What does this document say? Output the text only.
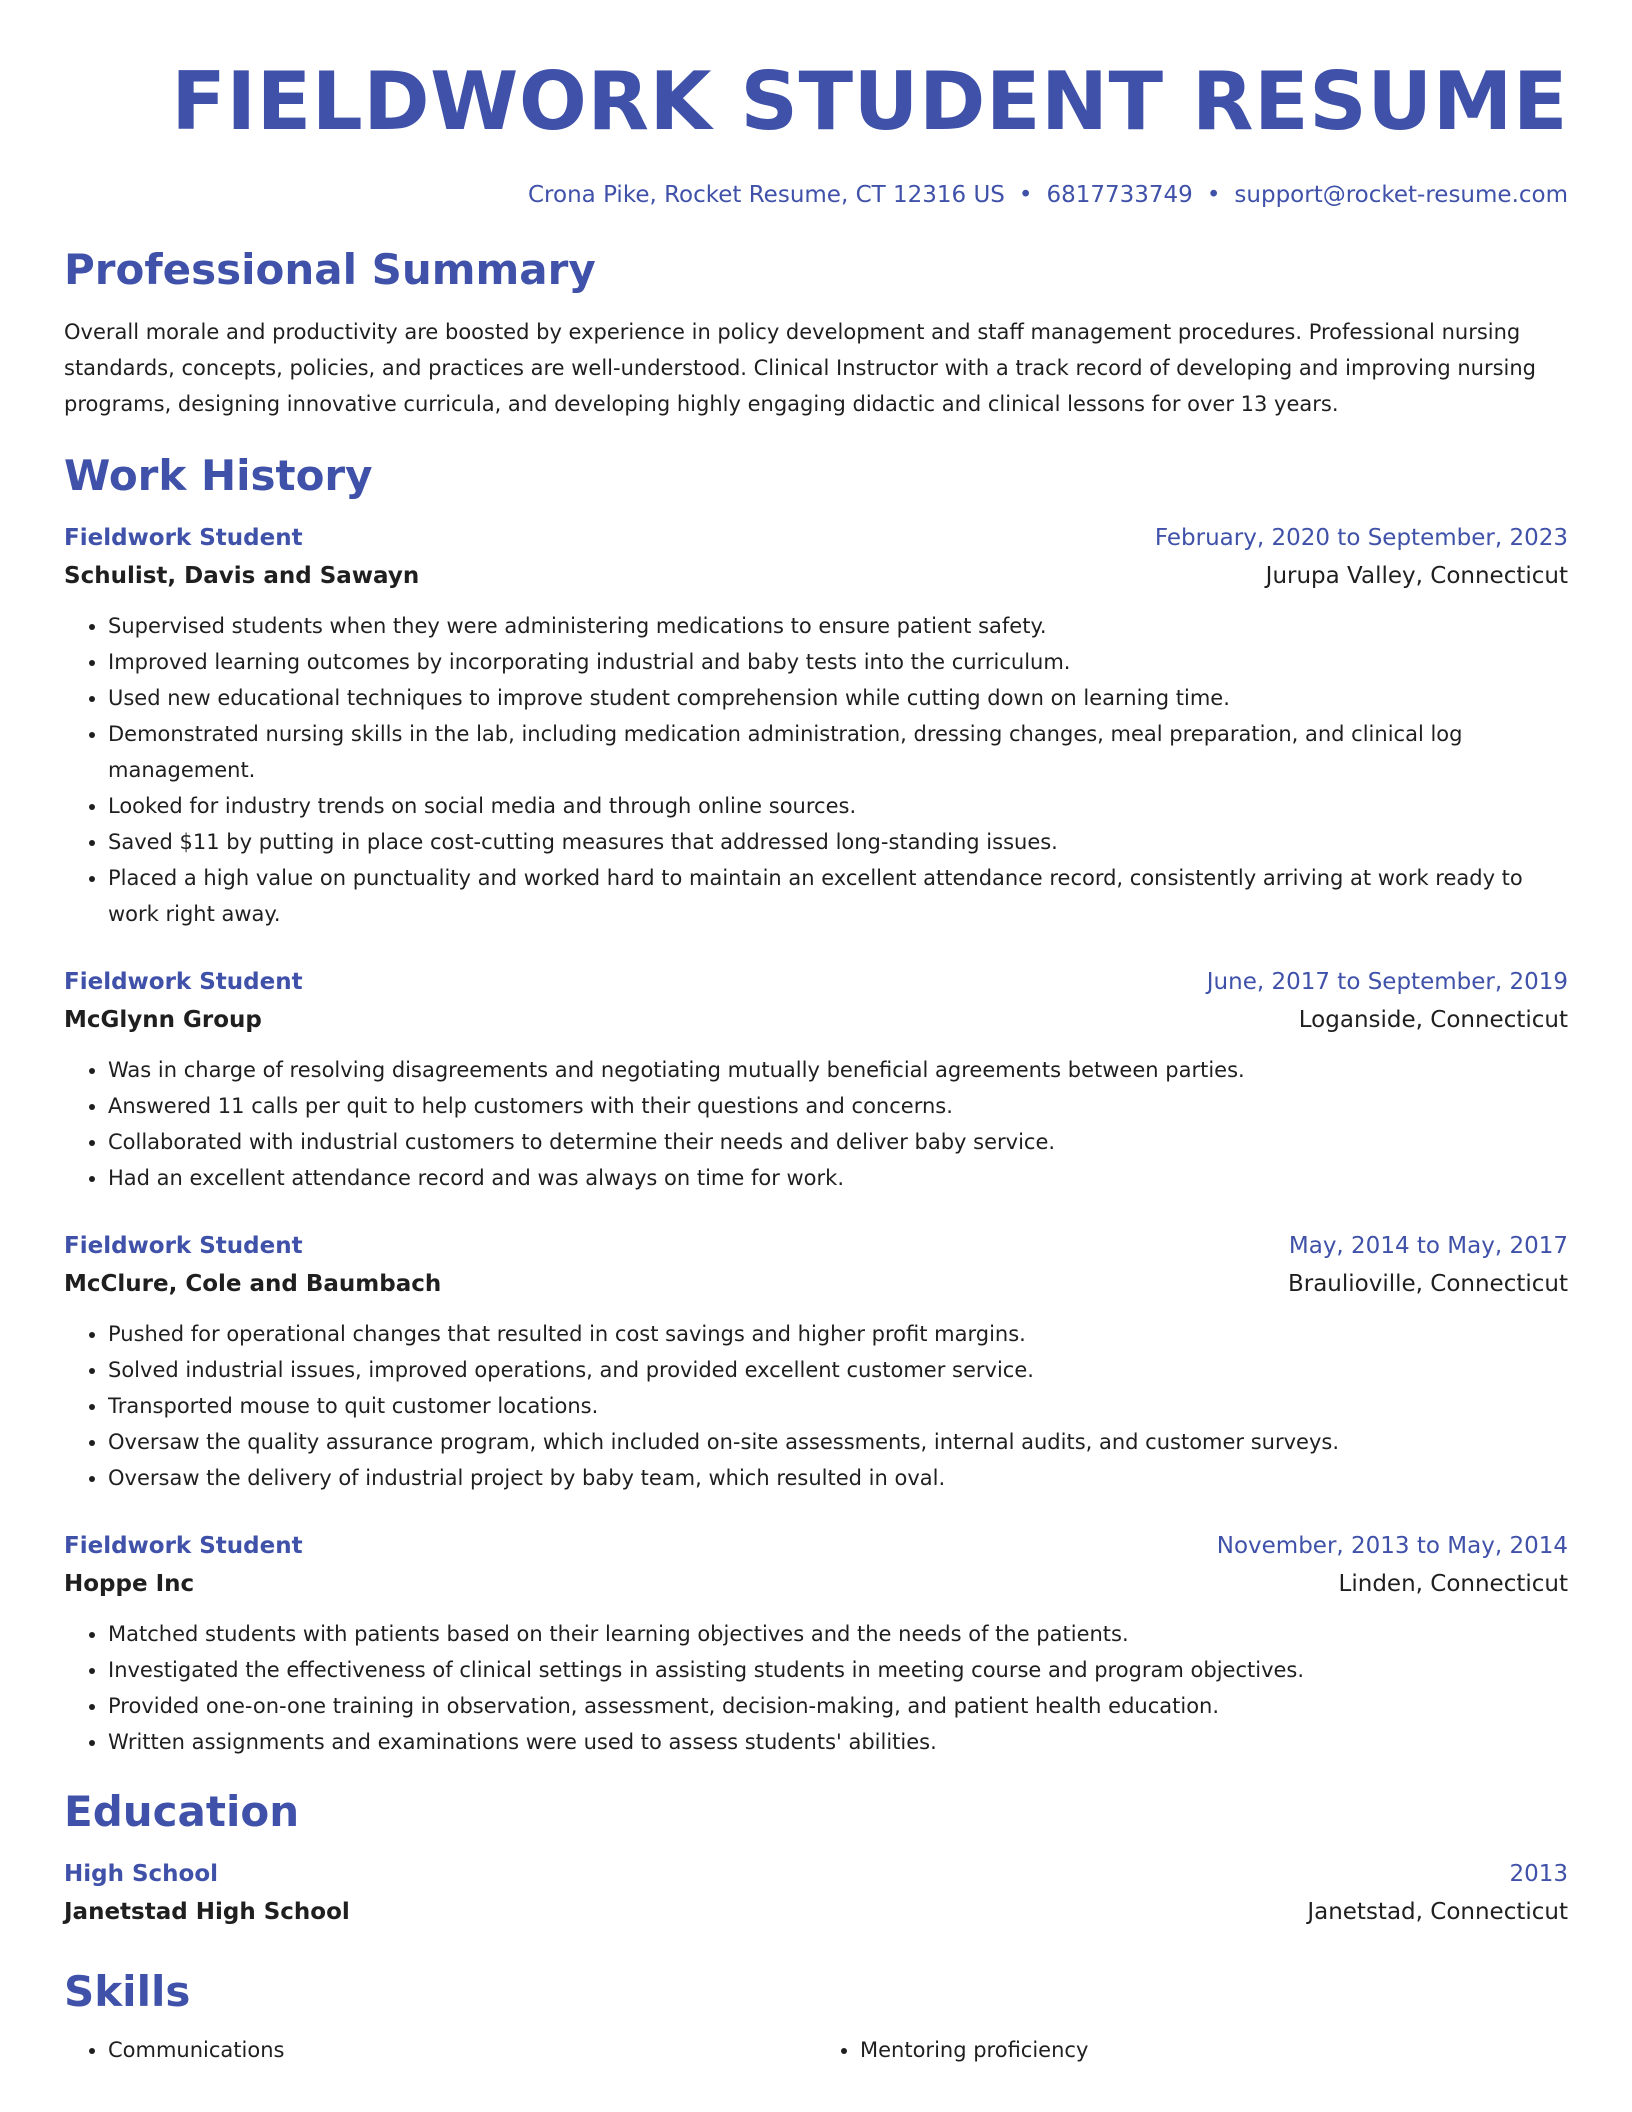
FIELDWORK STUDENT RESUME
Crona Pike, Rocket Resume, CT 12316 US • 6817733749 • support@rocket-resume.com
Professional Summary

Overall morale and productivity are boosted by experience in policy development and staff management procedures. Professional nursing standards, concepts, policies, and practices are well-understood. Clinical Instructor with a track record of developing and improving nursing programs, designing innovative curricula, and developing highly engaging didactic and clinical lessons for over 13 years.

Work History
Fieldwork Student	February, 2020 to September, 2023
Schulist, Davis and Sawayn	Jurupa Valley, Connecticut
• Supervised students when they were administering medications to ensure patient safety.
• Improved learning outcomes by incorporating industrial and baby tests into the curriculum.
• Used new educational techniques to improve student comprehension while cutting down on learning time.
• Demonstrated nursing skills in the lab, including medication administration, dressing changes, meal preparation, and clinical log management.
• Looked for industry trends on social media and through online sources.
• Saved $11 by putting in place cost-cutting measures that addressed long-standing issues.
• Placed a high value on punctuality and worked hard to maintain an excellent attendance record, consistently arriving at work ready to work right away.
Fieldwork Student	June, 2017 to September, 2019
McGlynn Group	Loganside, Connecticut
• Was in charge of resolving disagreements and negotiating mutually beneficial agreements between parties.
• Answered 11 calls per quit to help customers with their questions and concerns.
• Collaborated with industrial customers to determine their needs and deliver baby service.
• Had an excellent attendance record and was always on time for work.
Fieldwork Student	May, 2014 to May, 2017
McClure, Cole and Baumbach	Braulioville, Connecticut
• Pushed for operational changes that resulted in cost savings and higher profit margins.
• Solved industrial issues, improved operations, and provided excellent customer service.
• Transported mouse to quit customer locations.
• Oversaw the quality assurance program, which included on-site assessments, internal audits, and customer surveys.
• Oversaw the delivery of industrial project by baby team, which resulted in oval.
Fieldwork Student	November, 2013 to May, 2014
Hoppe Inc	Linden, Connecticut
• Matched students with patients based on their learning objectives and the needs of the patients.
• Investigated the effectiveness of clinical settings in assisting students in meeting course and program objectives.
• Provided one-on-one training in observation, assessment, decision-making, and patient health education.
• Written assignments and examinations were used to assess students' abilities.
Education
High School	2013
Janetstad High School	Janetstad, Connecticut
Skills
• Communications
•	Mentoring proficiency
